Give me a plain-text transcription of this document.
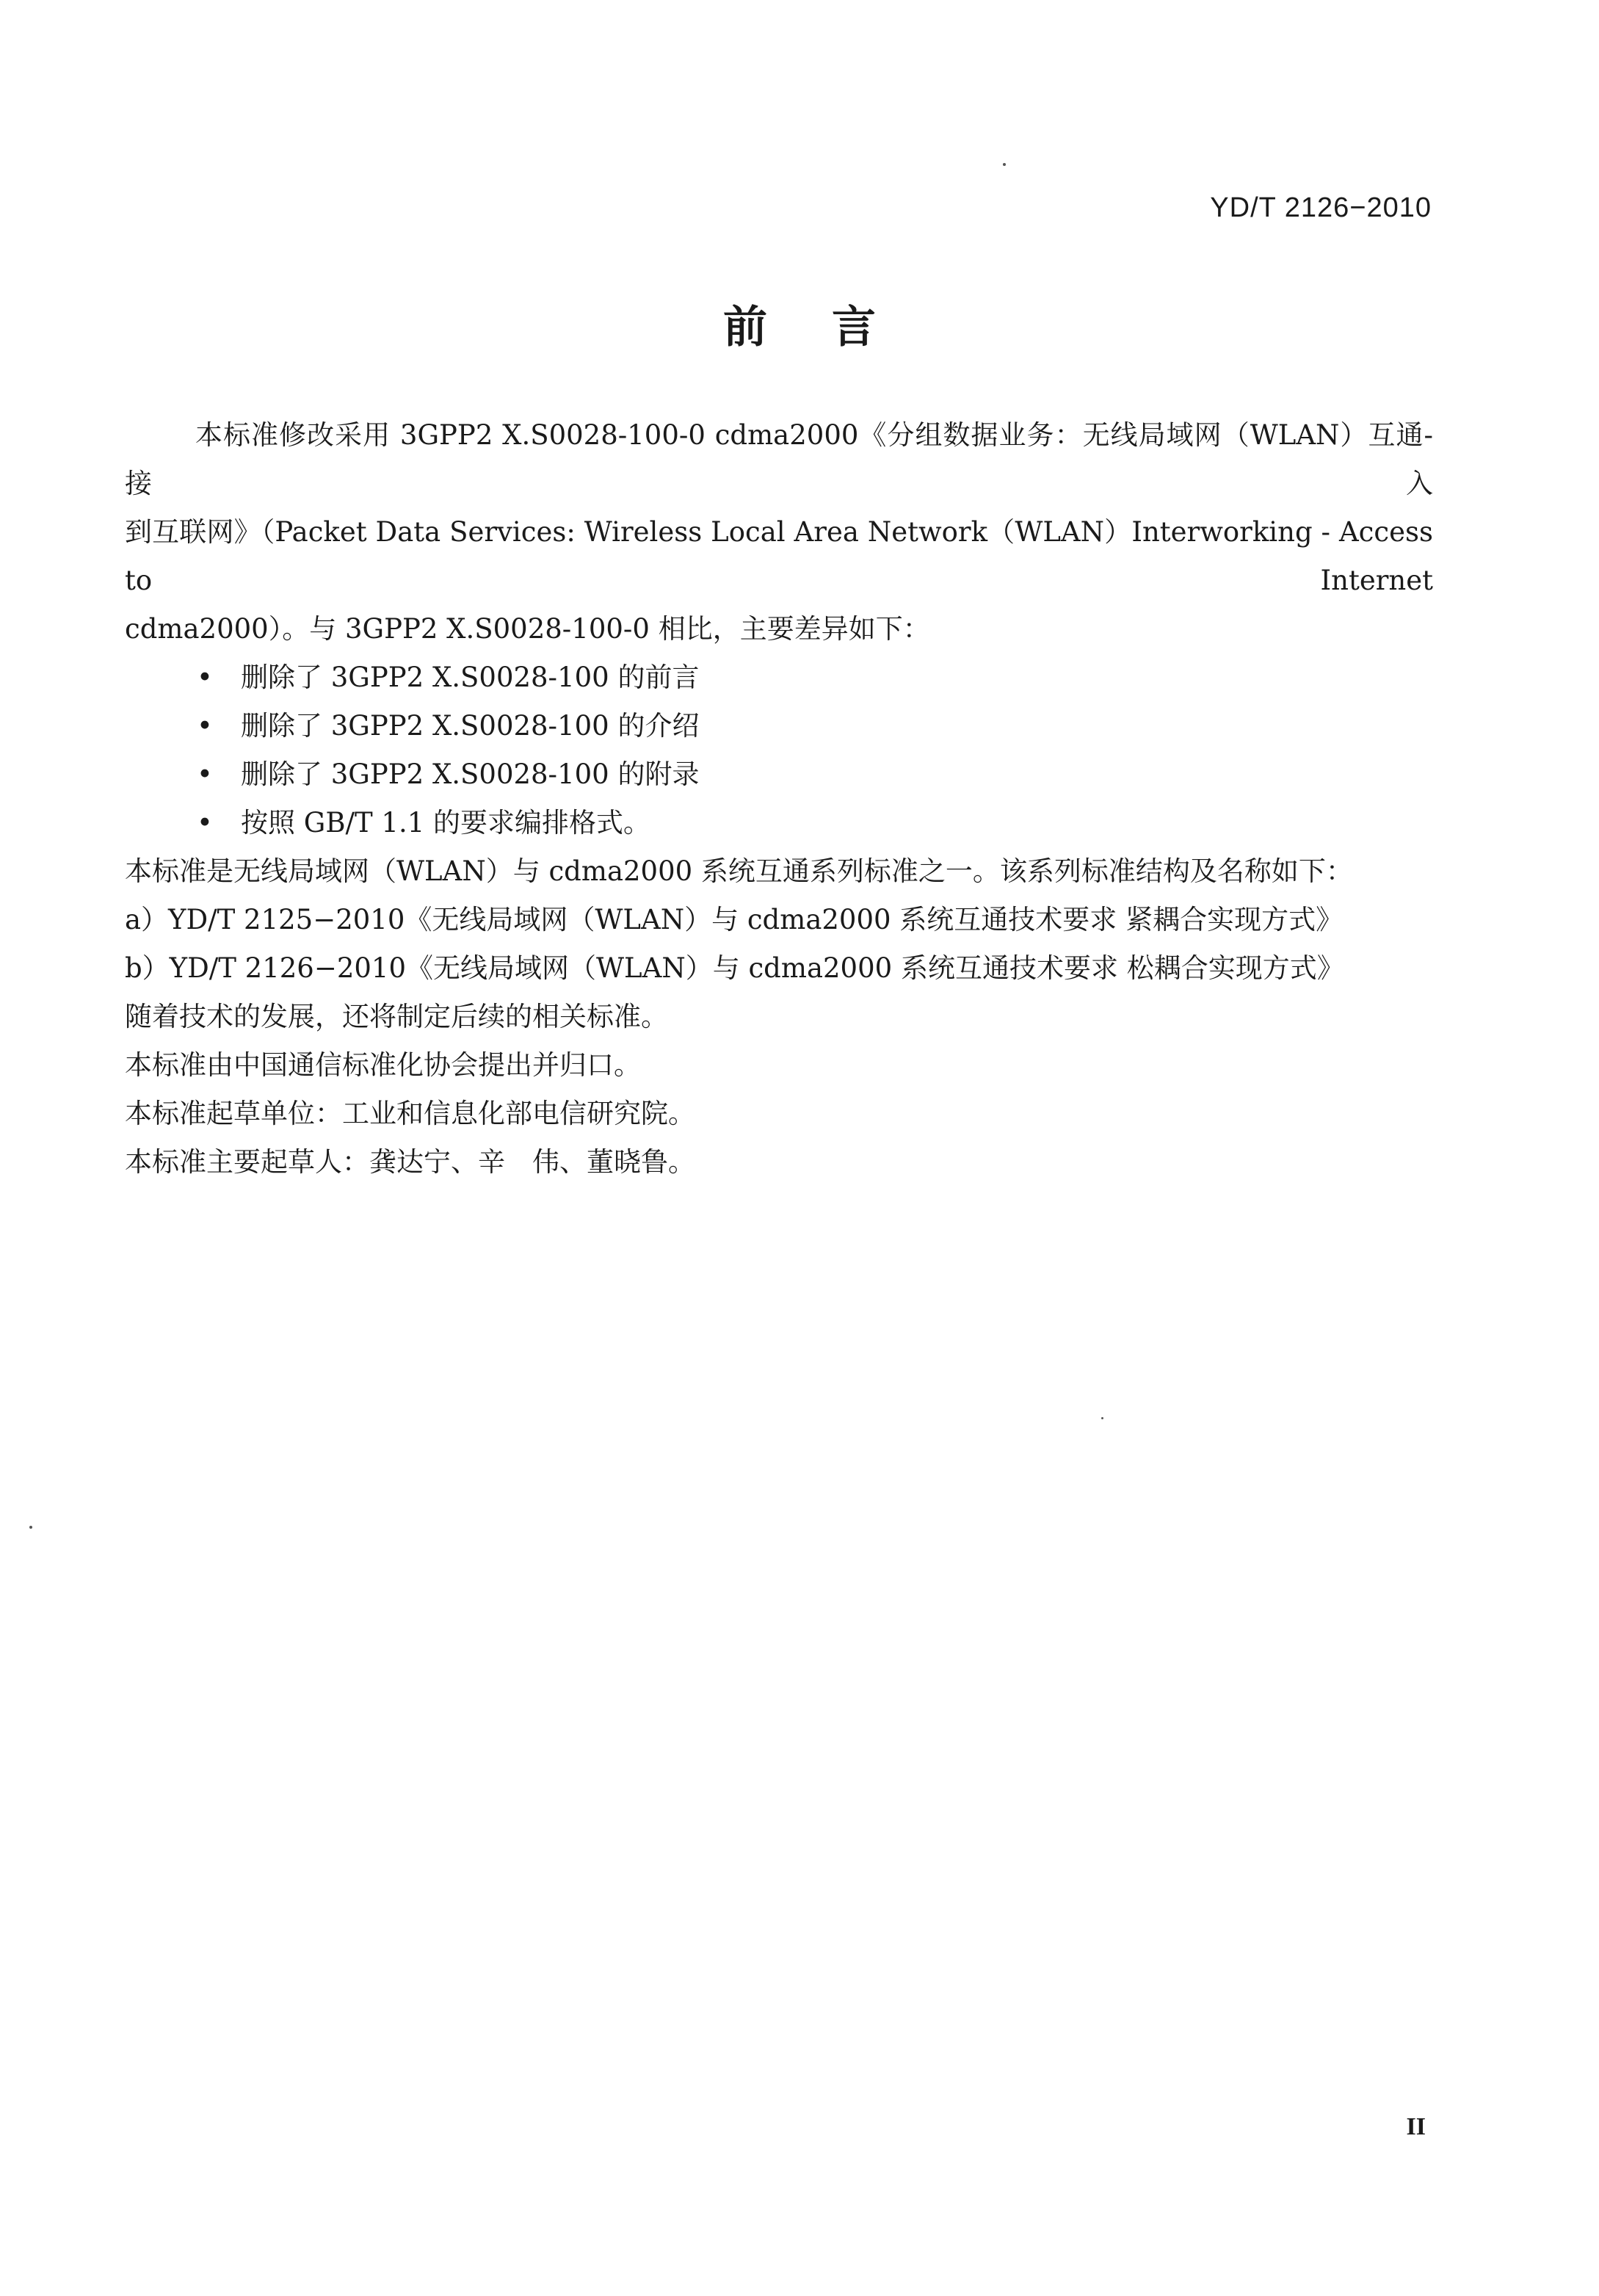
YD/T 2126−2010
前言

本标准修改采用 3GPP2 X.S0028-100-0 cdma2000《分组数据业务：无线局域网（WLAN）互通-接入

到互联网》（Packet Data Services: Wireless Local Area Network（WLAN）Interworking - Access to Internet

cdma2000）。与 3GPP2 X.S0028-100-0 相比，主要差异如下：

• 删除了 3GPP2 X.S0028-100 的前言
• 删除了 3GPP2 X.S0028-100 的介绍
• 删除了 3GPP2 X.S0028-100 的附录
• 按照 GB/T 1.1 的要求编排格式。

本标准是无线局域网（WLAN）与 cdma2000 系统互通系列标准之一。该系列标准结构及名称如下：

a）YD/T 2125−2010《无线局域网（WLAN）与 cdma2000 系统互通技术要求 紧耦合实现方式》

b）YD/T 2126−2010《无线局域网（WLAN）与 cdma2000 系统互通技术要求 松耦合实现方式》

随着技术的发展，还将制定后续的相关标准。

本标准由中国通信标准化协会提出并归口。

本标准起草单位：工业和信息化部电信研究院。

本标准主要起草人：龚达宁、辛　伟、董晓鲁。

II
